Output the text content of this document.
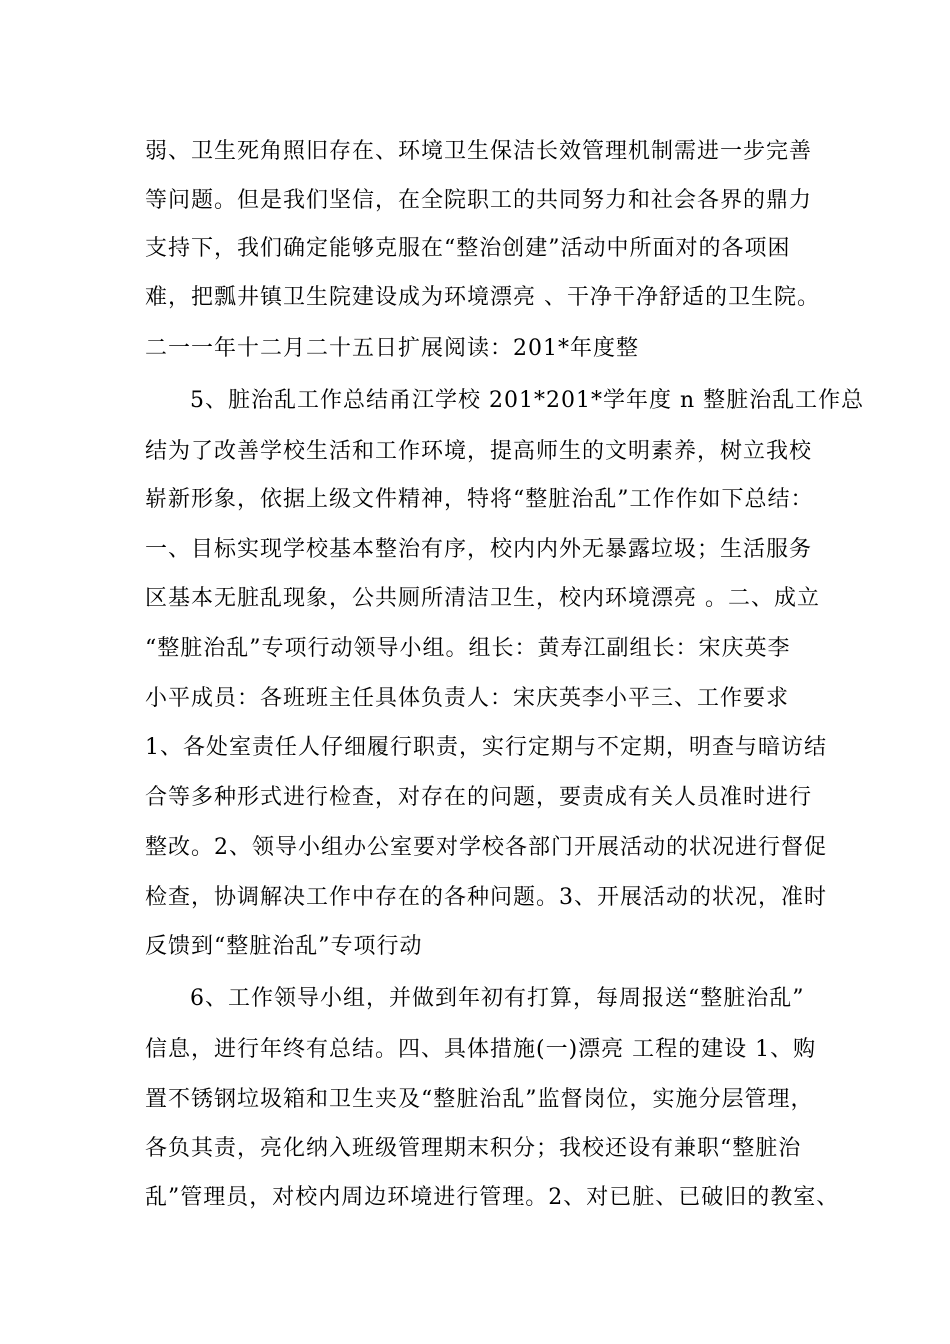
弱、卫生死角照旧存在、环境卫生保洁长效管理机制需进一步完善
等问题。但是我们坚信，在全院职工的共同努力和社会各界的鼎力
支持下，我们确定能够克服在“整治创建”活动中所面对的各项困
难，把瓢井镇卫生院建设成为环境漂亮 、干净干净舒适的卫生院。
二一一年十二月二十五日扩展阅读：201*年度整
5、脏治乱工作总结甬江学校 201*201*学年度 n 整脏治乱工作总
结为了改善学校生活和工作环境，提高师生的文明素养，树立我校
崭新形象，依据上级文件精神，特将“整脏治乱”工作作如下总结：
一、目标实现学校基本整治有序，校内内外无暴露垃圾；生活服务
区基本无脏乱现象，公共厕所清洁卫生，校内环境漂亮 。二、成立
“整脏治乱”专项行动领导小组。组长：黄寿江副组长：宋庆英李
小平成员：各班班主任具体负责人：宋庆英李小平三、工作要求
1、各处室责任人仔细履行职责，实行定期与不定期，明查与暗访结
合等多种形式进行检查，对存在的问题，要责成有关人员准时进行
整改。2、领导小组办公室要对学校各部门开展活动的状况进行督促
检查，协调解决工作中存在的各种问题。3、开展活动的状况，准时
反馈到“整脏治乱”专项行动
6、工作领导小组，并做到年初有打算，每周报送“整脏治乱”
信息，进行年终有总结。四、具体措施(一)漂亮 工程的建设 1、购
置不锈钢垃圾箱和卫生夹及“整脏治乱”监督岗位，实施分层管理，
各负其责，亮化纳入班级管理期末积分；我校还设有兼职“整脏治
乱”管理员，对校内周边环境进行管理。2、对已脏、已破旧的教室、
